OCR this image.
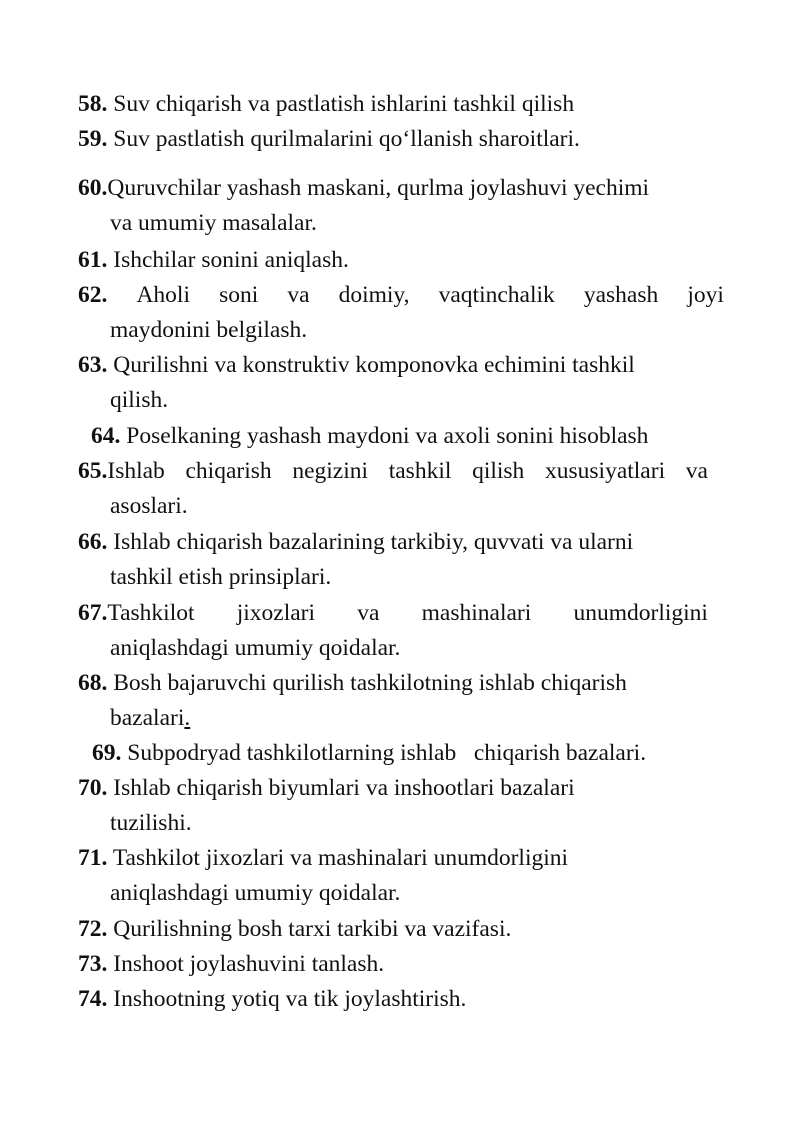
58. Suv chiqarish va pastlatish ishlarini tashkil qilish
59. Suv pastlatish qurilmalarini qo‘llanish sharoitlari.
60.Quruvchilar yashash maskani, qurlma joylashuvi yechimi
va umumiy masalalar.
61. Ishchilar sonini aniqlash.
62. Aholi soni va doimiy, vaqtinchalik yashash joyi
maydonini belgilash.
63. Qurilishni va konstruktiv komponovka echimini tashkil
qilish.
64. Poselkaning yashash maydoni va axoli sonini hisoblash
65.Ishlab chiqarish negizini tashkil qilish xususiyatlari va
asoslari.
66. Ishlab chiqarish bazalarining tarkibiy, quvvati va ularni
tashkil etish prinsiplari.
67.Tashkilot jixozlari va mashinalari unumdorligini
aniqlashdagi umumiy qoidalar.
68. Bosh bajaruvchi qurilish tashkilotning ishlab chiqarish
bazalari.
69. Subpodryad tashkilotlarning ishlab   chiqarish bazalari.
70. Ishlab chiqarish biyumlari va inshootlari bazalari
tuzilishi.
71. Tashkilot jixozlari va mashinalari unumdorligini
aniqlashdagi umumiy qoidalar.
72. Qurilishning bosh tarxi tarkibi va vazifasi.
73. Inshoot joylashuvini tanlash.
74. Inshootning yotiq va tik joylashtirish.
